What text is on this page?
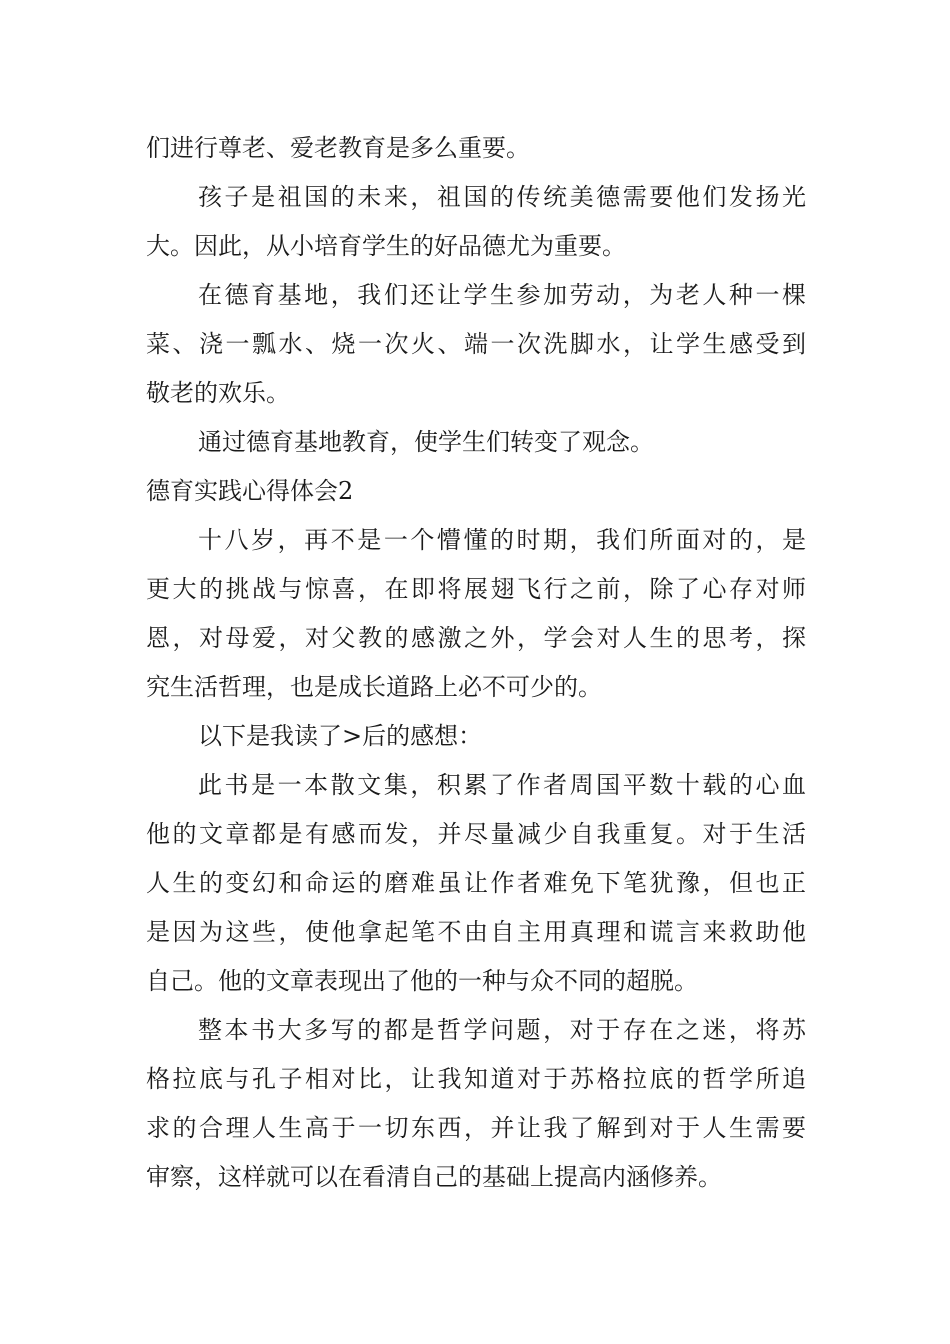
们进行尊老、爱老教育是多么重要。
孩子是祖国的未来，祖国的传统美德需要他们发扬光
大。因此，从小培育学生的好品德尤为重要。
在德育基地，我们还让学生参加劳动，为老人种一棵
菜、浇一瓢水、烧一次火、端一次洗脚水，让学生感受到
敬老的欢乐。
通过德育基地教育，使学生们转变了观念。
德育实践心得体会2
十八岁，再不是一个懵懂的时期，我们所面对的，是
更大的挑战与惊喜，在即将展翅飞行之前，除了心存对师
恩，对母爱，对父教的感激之外，学会对人生的思考，探
究生活哲理，也是成长道路上必不可少的。
以下是我读了>后的感想：
此书是一本散文集，积累了作者周国平数十载的心血
他的文章都是有感而发，并尽量减少自我重复。对于生活
人生的变幻和命运的磨难虽让作者难免下笔犹豫，但也正
是因为这些，使他拿起笔不由自主用真理和谎言来救助他
自己。他的文章表现出了他的一种与众不同的超脱。
整本书大多写的都是哲学问题，对于存在之迷，将苏
格拉底与孔子相对比，让我知道对于苏格拉底的哲学所追
求的合理人生高于一切东西，并让我了解到对于人生需要
审察，这样就可以在看清自己的基础上提高内涵修养。
